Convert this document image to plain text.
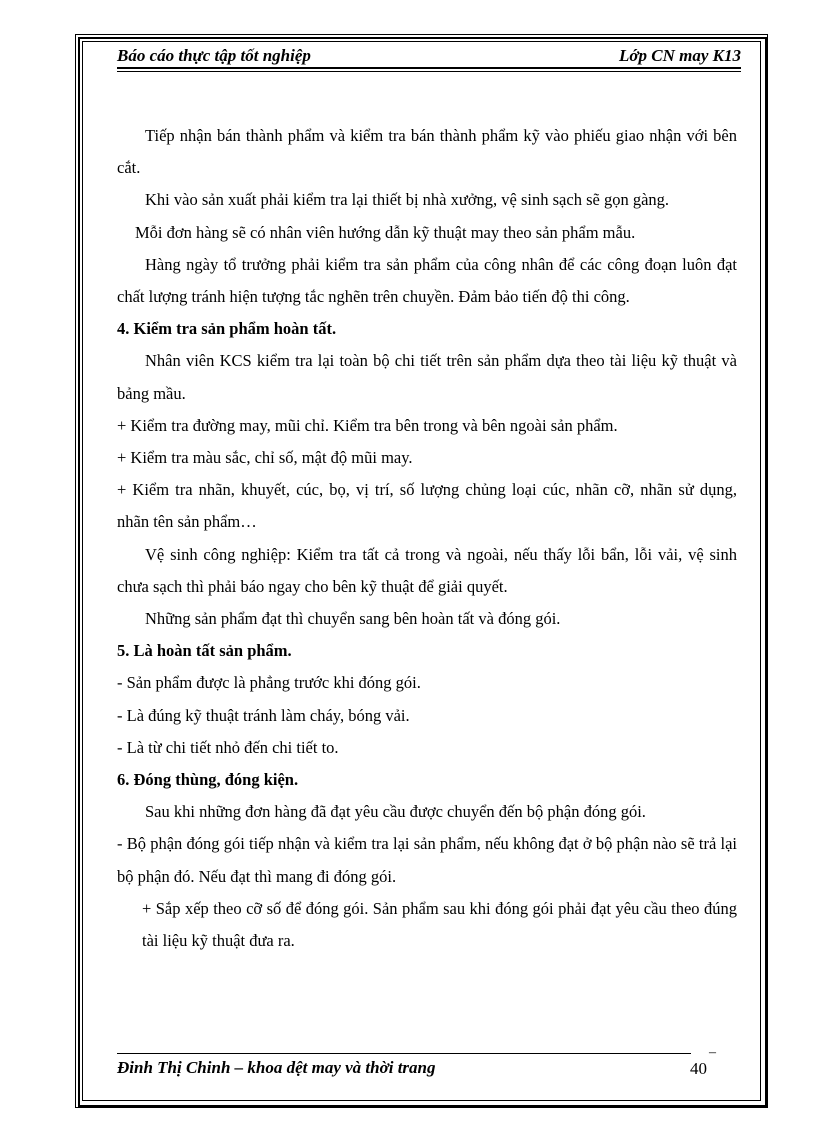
Báo cáo thực tập tốt nghiệp	Lớp CN may K13

Tiếp nhận bán thành phẩm và kiểm tra bán thành phẩm kỹ vào phiếu giao nhận với bên cắt.

Khi vào sản xuất phải kiểm tra lại thiết bị nhà xưởng, vệ sinh sạch sẽ gọn gàng.

Mỗi đơn hàng sẽ có nhân viên hướng dẫn kỹ thuật may theo sản phẩm mẫu.

Hàng ngày tổ trưởng phải kiểm tra sản phẩm của công nhân để các công đoạn luôn đạt chất lượng tránh hiện tượng tắc nghẽn trên chuyền. Đảm bảo tiến độ thi công.

4. Kiểm tra sản phẩm hoàn tất.

Nhân viên KCS kiểm tra lại toàn bộ chi tiết trên sản phẩm dựa theo tài liệu kỹ thuật và bảng mầu.

+ Kiểm tra đường may, mũi chỉ. Kiểm tra bên trong và bên ngoài sản phẩm.

+ Kiểm tra màu sắc, chỉ số, mật độ mũi may.

+ Kiểm tra nhãn, khuyết, cúc, bọ, vị trí, số lượng chủng loại cúc, nhãn cỡ, nhãn sử dụng, nhãn tên sản phẩm…

Vệ sinh công nghiệp: Kiểm tra tất cả trong và ngoài, nếu thấy lỗi bẩn, lỗi vải, vệ sinh chưa sạch thì phải báo ngay cho bên kỹ thuật để giải quyết.

Những sản phẩm đạt thì chuyển sang bên hoàn tất và đóng gói.

5. Là hoàn tất sản phẩm.

- Sản phẩm được là phẳng trước khi đóng gói.

- Là đúng kỹ thuật tránh làm cháy, bóng vải.

- Là từ chi tiết nhỏ đến chi tiết to.

6. Đóng thùng, đóng kiện.

Sau khi những đơn hàng đã đạt yêu cầu được chuyển đến bộ phận đóng gói.

- Bộ phận đóng gói tiếp nhận và kiểm tra lại sản phẩm, nếu không đạt ở bộ phận nào sẽ trả lại bộ phận đó. Nếu đạt thì mang đi đóng gói.

+ Sắp xếp theo cỡ số để đóng gói. Sản phẩm sau khi đóng gói phải đạt yêu cầu theo đúng tài liệu kỹ thuật đưa ra.

–
Đinh Thị Chinh – khoa dệt may và thời trang	40
